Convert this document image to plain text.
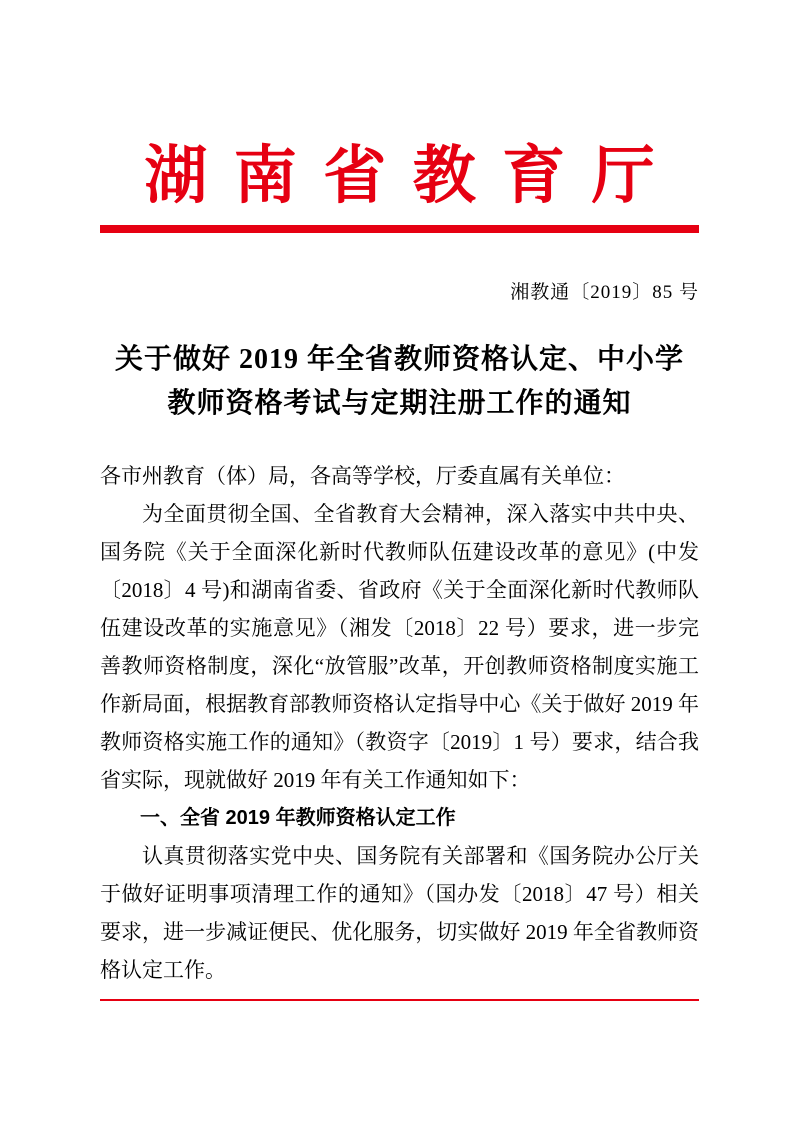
湖南省教育厅
湘教通〔2019〕85 号
关于做好 2019 年全省教师资格认定、中小学
教师资格考试与定期注册工作的通知

各市州教育（体）局，各高等学校，厅委直属有关单位：

为全面贯彻全国、全省教育大会精神，深入落实中共中央、国务院《关于全面深化新时代教师队伍建设改革的意见》(中发〔2018〕4 号)和湖南省委、省政府《关于全面深化新时代教师队伍建设改革的实施意见》（湘发〔2018〕22 号）要求，进一步完善教师资格制度，深化“放管服”改革，开创教师资格制度实施工作新局面，根据教育部教师资格认定指导中心《关于做好 2019 年教师资格实施工作的通知》（教资字〔2019〕1 号）要求，结合我省实际，现就做好 2019 年有关工作通知如下：

一、全省 2019 年教师资格认定工作

认真贯彻落实党中央、国务院有关部署和《国务院办公厅关于做好证明事项清理工作的通知》（国办发〔2018〕47 号）相关要求，进一步减证便民、优化服务，切实做好 2019 年全省教师资格认定工作。
